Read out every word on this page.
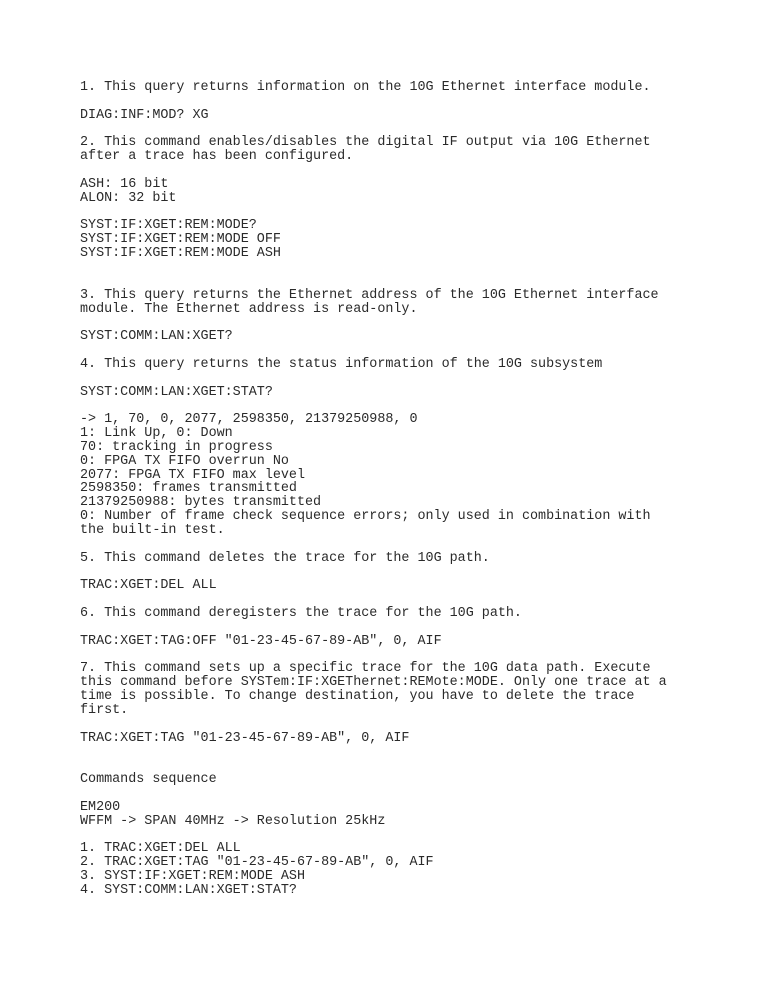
1. This query returns information on the 10G Ethernet interface module.
DIAG:INF:MOD? XG
2. This command enables/disables the digital IF output via 10G Ethernet
after a trace has been configured.
ASH: 16 bit
ALON: 32 bit
SYST:IF:XGET:REM:MODE?
SYST:IF:XGET:REM:MODE OFF
SYST:IF:XGET:REM:MODE ASH
3. This query returns the Ethernet address of the 10G Ethernet interface
module. The Ethernet address is read-only.
SYST:COMM:LAN:XGET?
4. This query returns the status information of the 10G subsystem
SYST:COMM:LAN:XGET:STAT?
-> 1, 70, 0, 2077, 2598350, 21379250988, 0
1: Link Up, 0: Down
70: tracking in progress
0: FPGA TX FIFO overrun No
2077: FPGA TX FIFO max level
2598350: frames transmitted
21379250988: bytes transmitted
0: Number of frame check sequence errors; only used in combination with
the built-in test.
5. This command deletes the trace for the 10G path.
TRAC:XGET:DEL ALL
6. This command deregisters the trace for the 10G path.
TRAC:XGET:TAG:OFF "01-23-45-67-89-AB", 0, AIF
7. This command sets up a specific trace for the 10G data path. Execute
this command before SYSTem:IF:XGEThernet:REMote:MODE. Only one trace at a
time is possible. To change destination, you have to delete the trace
first.
TRAC:XGET:TAG "01-23-45-67-89-AB", 0, AIF
Commands sequence
EM200
WFFM -> SPAN 40MHz -> Resolution 25kHz
1. TRAC:XGET:DEL ALL
2. TRAC:XGET:TAG "01-23-45-67-89-AB", 0, AIF
3. SYST:IF:XGET:REM:MODE ASH
4. SYST:COMM:LAN:XGET:STAT?
